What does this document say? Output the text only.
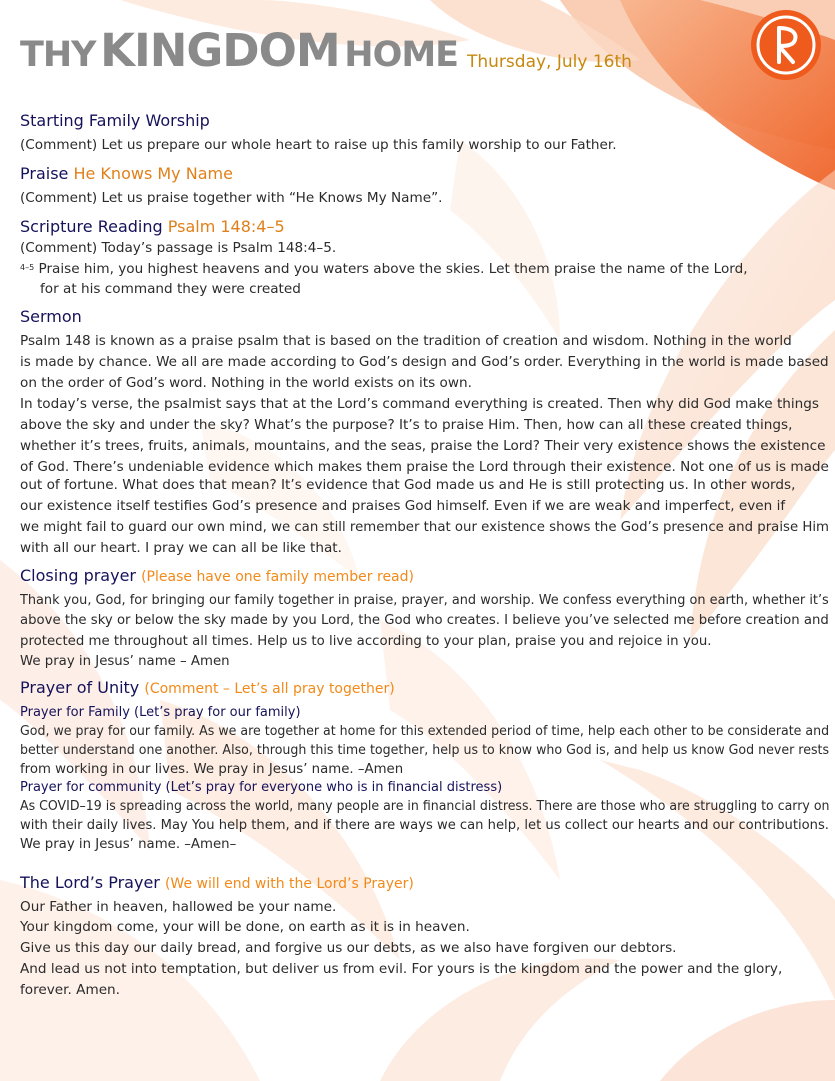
THY KINGDOM HOME Thursday, July 16th
Starting Family Worship
(Comment) Let us prepare our whole heart to raise up this family worship to our Father.
Praise He Knows My Name
(Comment) Let us praise together with “He Knows My Name”.
Scripture Reading Psalm 148:4–5
(Comment) Today’s passage is Psalm 148:4–5.
$^{4-5}$ Praise him, you highest heavens and you waters above the skies. Let them praise the name of the Lord,
for at his command they were created
Sermon
Psalm 148 is known as a praise psalm that is based on the tradition of creation and wisdom. Nothing in the world
is made by chance. We all are made according to God’s design and God’s order. Everything in the world is made based
on the order of God’s word. Nothing in the world exists on its own.
In today’s verse, the psalmist says that at the Lord’s command everything is created. Then why did God make things
above the sky and under the sky? What’s the purpose? It’s to praise Him. Then, how can all these created things,
whether it’s trees, fruits, animals, mountains, and the seas, praise the Lord? Their very existence shows the existence
of God. There’s undeniable evidence which makes them praise the Lord through their existence. Not one of us is made
out of fortune. What does that mean? It’s evidence that God made us and He is still protecting us. In other words,
our existence itself testifies God’s presence and praises God himself. Even if we are weak and imperfect, even if
we might fail to guard our own mind, we can still remember that our existence shows the God’s presence and praise Him
with all our heart. I pray we can all be like that.
Closing prayer (Please have one family member read)
Thank you, God, for bringing our family together in praise, prayer, and worship. We confess everything on earth, whether it’s
above the sky or below the sky made by you Lord, the God who creates. I believe you’ve selected me before creation and
protected me throughout all times. Help us to live according to your plan, praise you and rejoice in you.
We pray in Jesus’ name – Amen
Prayer of Unity (Comment – Let’s all pray together)
Prayer for Family (Let’s pray for our family)
God, we pray for our family. As we are together at home for this extended period of time, help each other to be considerate and
better understand one another. Also, through this time together, help us to know who God is, and help us know God never rests
from working in our lives. We pray in Jesus’ name. –Amen
Prayer for community (Let’s pray for everyone who is in financial distress)
As COVID–19 is spreading across the world, many people are in financial distress. There are those who are struggling to carry on
with their daily lives. May You help them, and if there are ways we can help, let us collect our hearts and our contributions.
We pray in Jesus’ name. –Amen–
The Lord’s Prayer (We will end with the Lord’s Prayer)
Our Father in heaven, hallowed be your name.
Your kingdom come, your will be done, on earth as it is in heaven.
Give us this day our daily bread, and forgive us our debts, as we also have forgiven our debtors.
And lead us not into temptation, but deliver us from evil. For yours is the kingdom and the power and the glory,
forever. Amen.
